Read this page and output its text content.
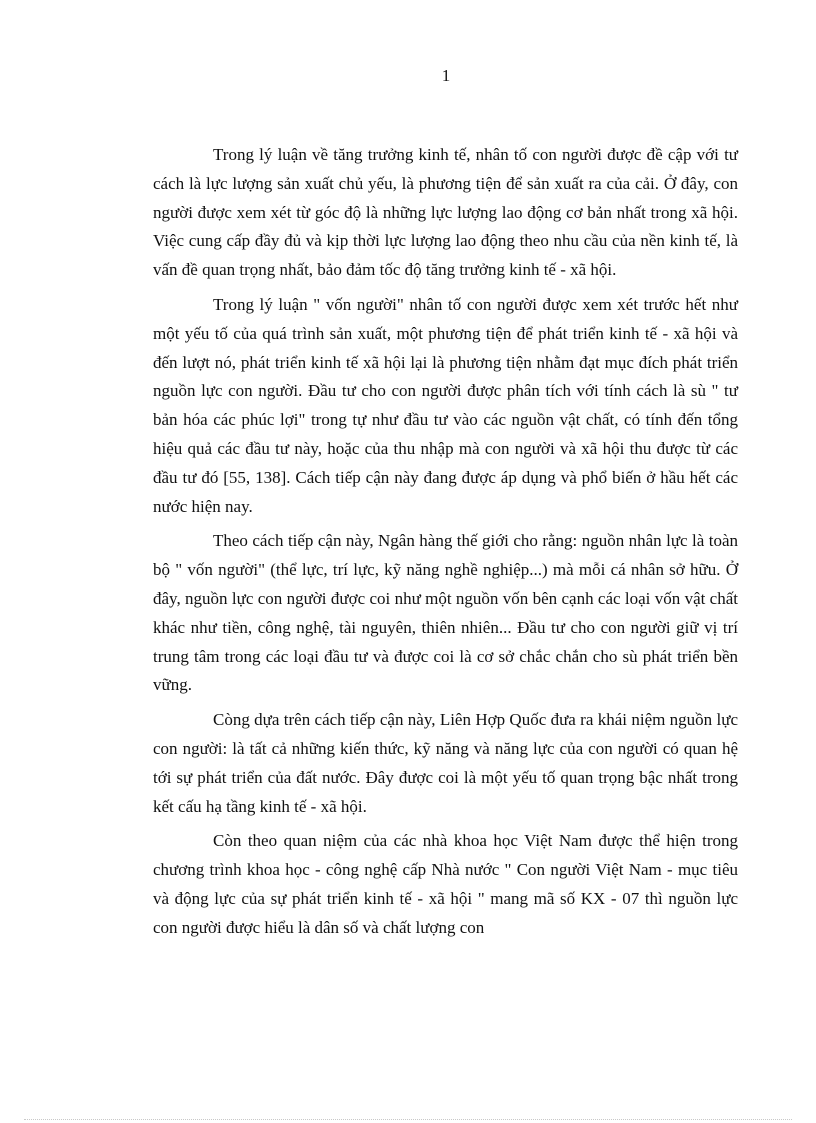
1

Trong lý luận về tăng trưởng kinh tế, nhân tố con người được đề cập với tư cách là lực lượng sản xuất chủ yếu, là phương tiện để sản xuất ra của cải. Ở đây, con người được xem xét từ góc độ là những lực lượng lao động cơ bản nhất trong xã hội. Việc cung cấp đầy đủ và kịp thời lực lượng lao động theo nhu cầu của nền kinh tế, là vấn đề quan trọng nhất, bảo đảm tốc độ tăng trưởng kinh tế - xã hội.

Trong lý luận " vốn người" nhân tố con người được xem xét trước hết như một yếu tố của quá trình sản xuất, một phương tiện để phát triển kinh tế - xã hội và đến lượt nó, phát triển kinh tế xã hội lại là phương tiện nhằm đạt mục đích phát triển nguồn lực con người. Đầu tư cho con người được phân tích với tính cách là sù " tư bản hóa các phúc lợi" trong tự như đầu tư vào các nguồn vật chất, có tính đến tổng hiệu quả các đầu tư này, hoặc của thu nhập mà con người và xã hội thu được từ các đầu tư đó [55, 138]. Cách tiếp cận này đang được áp dụng và phổ biến ở hầu hết các nước hiện nay.

Theo cách tiếp cận này, Ngân hàng thế giới cho rằng: nguồn nhân lực là toàn bộ " vốn người" (thể lực, trí lực, kỹ năng nghề nghiệp...) mà mỗi cá nhân sở hữu. Ở đây, nguồn lực con người được coi như một nguồn vốn bên cạnh các loại vốn vật chất khác như tiền, công nghệ, tài nguyên, thiên nhiên... Đầu tư cho con người giữ vị trí trung tâm trong các loại đầu tư và được coi là cơ sở chắc chắn cho sù phát triển bền vững.

Còng dựa trên cách tiếp cận này, Liên Hợp Quốc đưa ra khái niệm nguồn lực con người: là tất cả những kiến thức, kỹ năng và năng lực của con người có quan hệ tới sự phát triển của đất nước. Đây được coi là một yếu tố quan trọng bậc nhất trong kết cấu hạ tầng kinh tế - xã hội.

Còn theo quan niệm của các nhà khoa học Việt Nam được thể hiện trong chương trình khoa học - công nghệ cấp Nhà nước " Con người Việt Nam - mục tiêu và động lực của sự phát triển kinh tế - xã hội " mang mã số KX - 07 thì nguồn lực con người được hiểu là dân số và chất lượng con
